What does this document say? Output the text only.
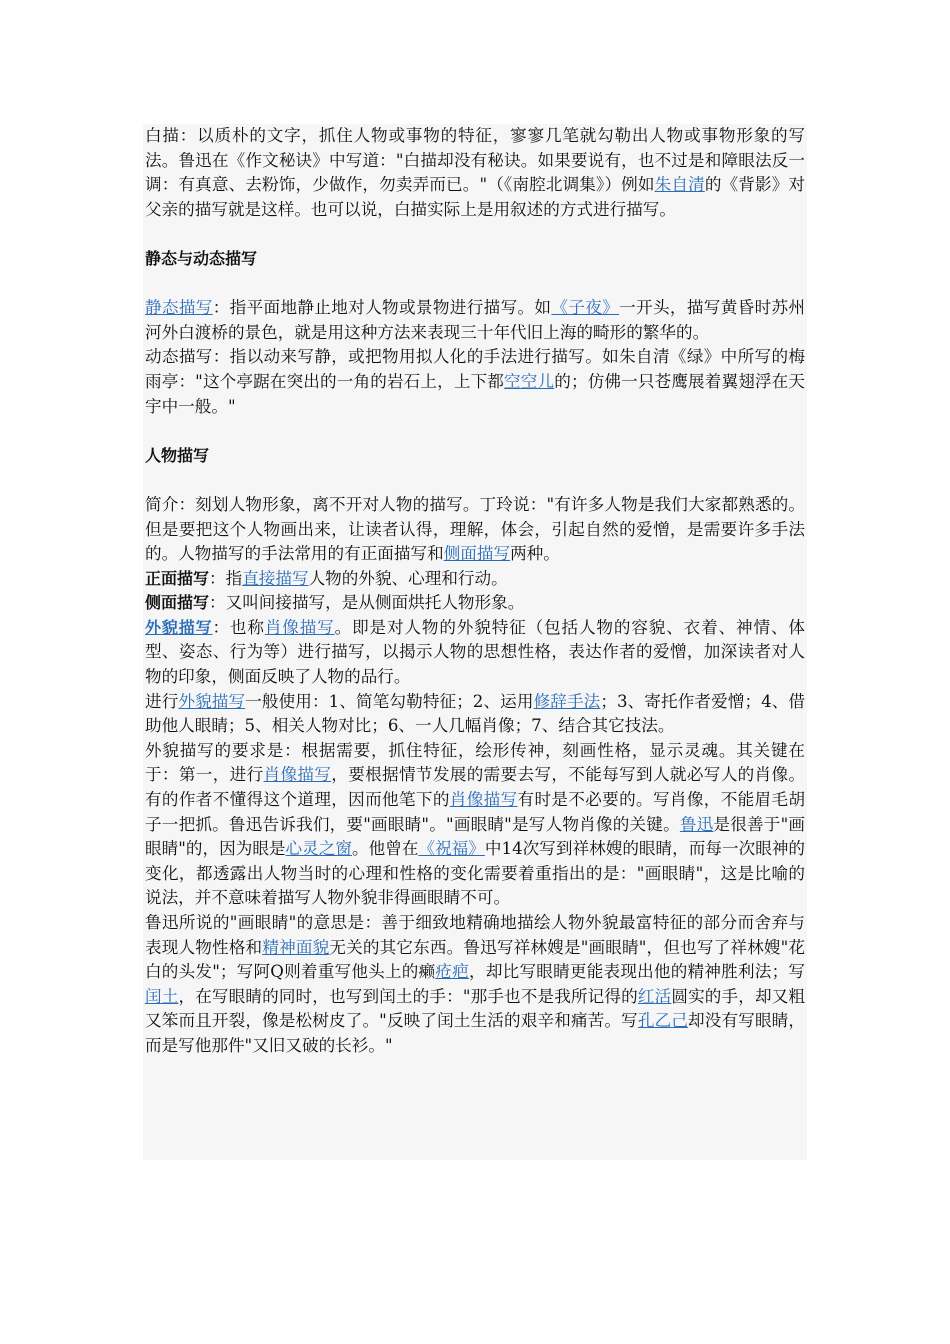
白描：以质朴的文字，抓住人物或事物的特征，寥寥几笔就勾勒出人物或事物形象的写法。鲁迅在《作文秘诀》中写道："白描却没有秘诀。如果要说有，也不过是和障眼法反一调：有真意、去粉饰，少做作，勿卖弄而已。"（《南腔北调集》）例如朱自清的《背影》对父亲的描写就是这样。也可以说，白描实际上是用叙述的方式进行描写。

静态与动态描写

静态描写：指平面地静止地对人物或景物进行描写。如《子夜》一开头，描写黄昏时苏州河外白渡桥的景色，就是用这种方法来表现三十年代旧上海的畸形的繁华的。

动态描写：指以动来写静，或把物用拟人化的手法进行描写。如朱自清《绿》中所写的梅雨亭："这个亭踞在突出的一角的岩石上，上下都空空儿的；仿佛一只苍鹰展着翼翅浮在天宇中一般。"

人物描写

简介：刻划人物形象，离不开对人物的描写。丁玲说："有许多人物是我们大家都熟悉的。但是要把这个人物画出来，让读者认得，理解，体会，引起自然的爱憎，是需要许多手法的。人物描写的手法常用的有正面描写和侧面描写两种。

正面描写：指直接描写人物的外貌、心理和行动。

侧面描写：又叫间接描写，是从侧面烘托人物形象。

外貌描写：也称肖像描写。即是对人物的外貌特征（包括人物的容貌、衣着、神情、体型、姿态、行为等）进行描写，以揭示人物的思想性格，表达作者的爱憎，加深读者对人物的印象，侧面反映了人物的品行。

进行外貌描写一般使用：1、简笔勾勒特征；2、运用修辞手法；3、寄托作者爱憎；4、借助他人眼睛；5、相关人物对比；6、一人几幅肖像；7、结合其它技法。

外貌描写的要求是：根据需要，抓住特征，绘形传神，刻画性格，显示灵魂。其关键在于：第一，进行肖像描写，要根据情节发展的需要去写，不能每写到人就必写人的肖像。有的作者不懂得这个道理，因而他笔下的肖像描写有时是不必要的。写肖像，不能眉毛胡子一把抓。鲁迅告诉我们，要"画眼睛"。"画眼睛"是写人物肖像的关键。鲁迅是很善于"画眼睛"的，因为眼是心灵之窗。他曾在《祝福》中14次写到祥林嫂的眼睛，而每一次眼神的变化，都透露出人物当时的心理和性格的变化需要着重指出的是："画眼睛"，这是比喻的说法，并不意味着描写人物外貌非得画眼睛不可。

鲁迅所说的"画眼睛"的意思是：善于细致地精确地描绘人物外貌最富特征的部分而舍弃与表现人物性格和精神面貌无关的其它东西。鲁迅写祥林嫂是"画眼睛"，但也写了祥林嫂"花白的头发"；写阿Q则着重写他头上的癞疮疤，却比写眼睛更能表现出他的精神胜利法；写闰土，在写眼睛的同时，也写到闰土的手："那手也不是我所记得的红活圆实的手，却又粗又笨而且开裂，像是松树皮了。"反映了闰土生活的艰辛和痛苦。写孔乙己却没有写眼睛，而是写他那件"又旧又破的长衫。"
